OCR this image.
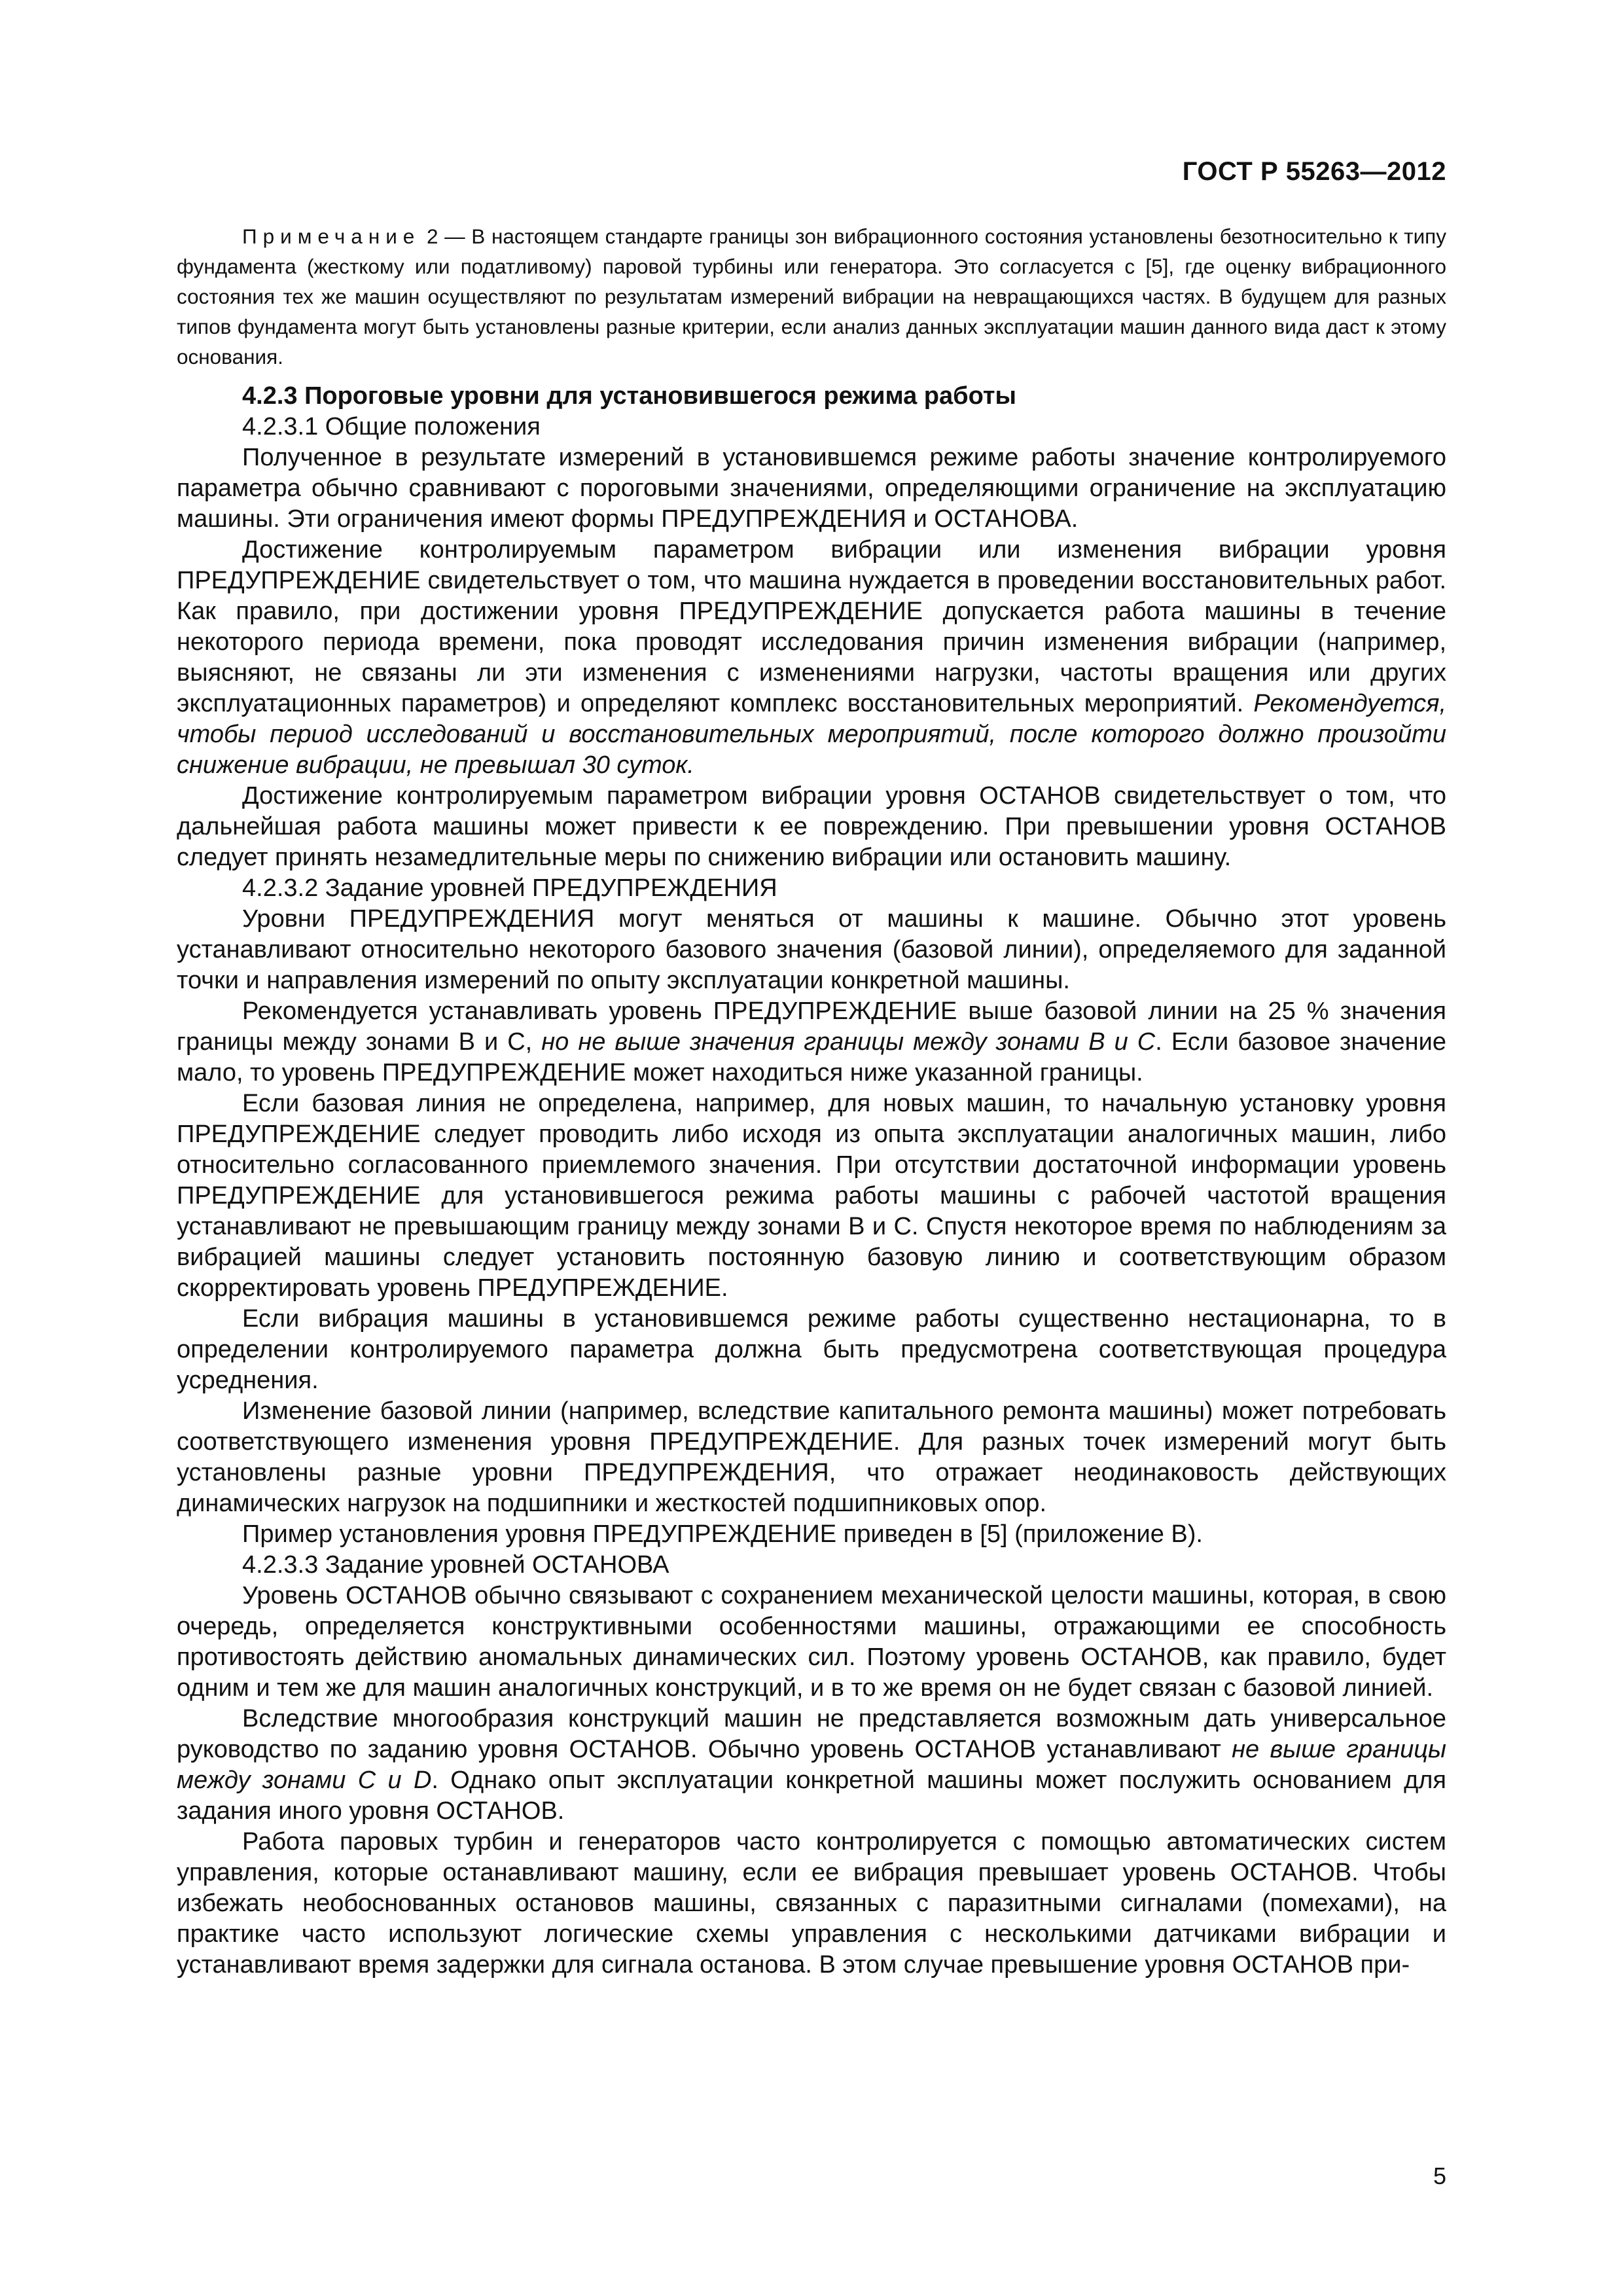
ГОСТ Р 55263—2012

Примечание 2 — В настоящем стандарте границы зон вибрационного состояния установлены безотносительно к типу фундамента (жесткому или податливому) паровой турбины или генератора. Это согласуется с [5], где оценку вибрационного состояния тех же машин осуществляют по результатам измерений вибрации на невращающихся частях. В будущем для разных типов фундамента могут быть установлены разные критерии, если анализ данных эксплуатации машин данного вида даст к этому основания.

4.2.3 Пороговые уровни для установившегося режима работы

4.2.3.1 Общие положения

Полученное в результате измерений в установившемся режиме работы значение контролируемого параметра обычно сравнивают с пороговыми значениями, определяющими ограничение на эксплуатацию машины. Эти ограничения имеют формы ПРЕДУПРЕЖДЕНИЯ и ОСТАНОВА.

Достижение контролируемым параметром вибрации или изменения вибрации уровня ПРЕДУПРЕЖДЕНИЕ свидетельствует о том, что машина нуждается в проведении восстановительных работ. Как правило, при достижении уровня ПРЕДУПРЕЖДЕНИЕ допускается работа машины в течение некоторого периода времени, пока проводят исследования причин изменения вибрации (например, выясняют, не связаны ли эти изменения с изменениями нагрузки, частоты вращения или других эксплуатационных параметров) и определяют комплекс восстановительных мероприятий. Рекомендуется, чтобы период исследований и восстановительных мероприятий, после которого должно произойти снижение вибрации, не превышал 30 суток.

Достижение контролируемым параметром вибрации уровня ОСТАНОВ свидетельствует о том, что дальнейшая работа машины может привести к ее повреждению. При превышении уровня ОСТАНОВ следует принять незамедлительные меры по снижению вибрации или остановить машину.

4.2.3.2 Задание уровней ПРЕДУПРЕЖДЕНИЯ

Уровни ПРЕДУПРЕЖДЕНИЯ могут меняться от машины к машине. Обычно этот уровень устанавливают относительно некоторого базового значения (базовой линии), определяемого для заданной точки и направления измерений по опыту эксплуатации конкретной машины.

Рекомендуется устанавливать уровень ПРЕДУПРЕЖДЕНИЕ выше базовой линии на 25 % значения границы между зонами В и С, но не выше значения границы между зонами В и С. Если базовое значение мало, то уровень ПРЕДУПРЕЖДЕНИЕ может находиться ниже указанной границы.

Если базовая линия не определена, например, для новых машин, то начальную установку уровня ПРЕДУПРЕЖДЕНИЕ следует проводить либо исходя из опыта эксплуатации аналогичных машин, либо относительно согласованного приемлемого значения. При отсутствии достаточной информации уровень ПРЕДУПРЕЖДЕНИЕ для установившегося режима работы машины с рабочей частотой вращения устанавливают не превышающим границу между зонами В и С. Спустя некоторое время по наблюдениям за вибрацией машины следует установить постоянную базовую линию и соответствующим образом скорректировать уровень ПРЕДУПРЕЖДЕНИЕ.

Если вибрация машины в установившемся режиме работы существенно нестационарна, то в определении контролируемого параметра должна быть предусмотрена соответствующая процедура усреднения.

Изменение базовой линии (например, вследствие капитального ремонта машины) может потребовать соответствующего изменения уровня ПРЕДУПРЕЖДЕНИЕ. Для разных точек измерений могут быть установлены разные уровни ПРЕДУПРЕЖДЕНИЯ, что отражает неодинаковость действующих динамических нагрузок на подшипники и жесткостей подшипниковых опор.

Пример установления уровня ПРЕДУПРЕЖДЕНИЕ приведен в [5] (приложение В).

4.2.3.3 Задание уровней ОСТАНОВА

Уровень ОСТАНОВ обычно связывают с сохранением механической целости машины, которая, в свою очередь, определяется конструктивными особенностями машины, отражающими ее способность противостоять действию аномальных динамических сил. Поэтому уровень ОСТАНОВ, как правило, будет одним и тем же для машин аналогичных конструкций, и в то же время он не будет связан с базовой линией.

Вследствие многообразия конструкций машин не представляется возможным дать универсальное руководство по заданию уровня ОСТАНОВ. Обычно уровень ОСТАНОВ устанавливают не выше границы между зонами С и D. Однако опыт эксплуатации конкретной машины может послужить основанием для задания иного уровня ОСТАНОВ.

Работа паровых турбин и генераторов часто контролируется с помощью автоматических систем управления, которые останавливают машину, если ее вибрация превышает уровень ОСТАНОВ. Чтобы избежать необоснованных остановов машины, связанных с паразитными сигналами (помехами), на практике часто используют логические схемы управления с несколькими датчиками вибрации и устанавливают время задержки для сигнала останова. В этом случае превышение уровня ОСТАНОВ при-

5
